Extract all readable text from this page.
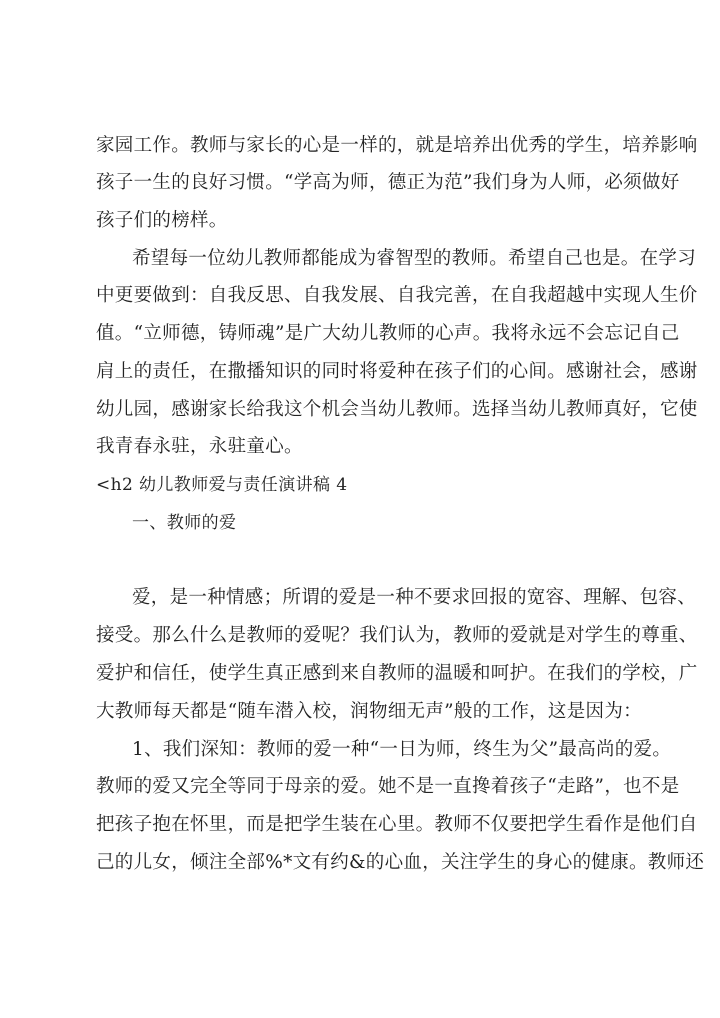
家园工作。教师与家长的心是一样的，就是培养出优秀的学生，培养影响
孩子一生的良好习惯。“学高为师，德正为范”我们身为人师，必须做好
孩子们的榜样。
希望每一位幼儿教师都能成为睿智型的教师。希望自己也是。在学习
中更要做到：自我反思、自我发展、自我完善，在自我超越中实现人生价
值。“立师德，铸师魂”是广大幼儿教师的心声。我将永远不会忘记自己
肩上的责任，在撒播知识的同时将爱种在孩子们的心间。感谢社会，感谢
幼儿园，感谢家长给我这个机会当幼儿教师。选择当幼儿教师真好，它使
我青春永驻，永驻童心。
<h2 幼儿教师爱与责任演讲稿 4
一、教师的爱
爱，是一种情感；所谓的爱是一种不要求回报的宽容、理解、包容、
接受。那么什么是教师的爱呢？我们认为，教师的爱就是对学生的尊重、
爱护和信任，使学生真正感到来自教师的温暖和呵护。在我们的学校，广
大教师每天都是“随车潜入校，润物细无声”般的工作，这是因为：
1、我们深知：教师的爱一种“一日为师，终生为父”最高尚的爱。
教师的爱又完全等同于母亲的爱。她不是一直搀着孩子“走路”，也不是
把孩子抱在怀里，而是把学生装在心里。教师不仅要把学生看作是他们自
己的儿女，倾注全部%*文有约&的心血，关注学生的身心的健康。教师还
